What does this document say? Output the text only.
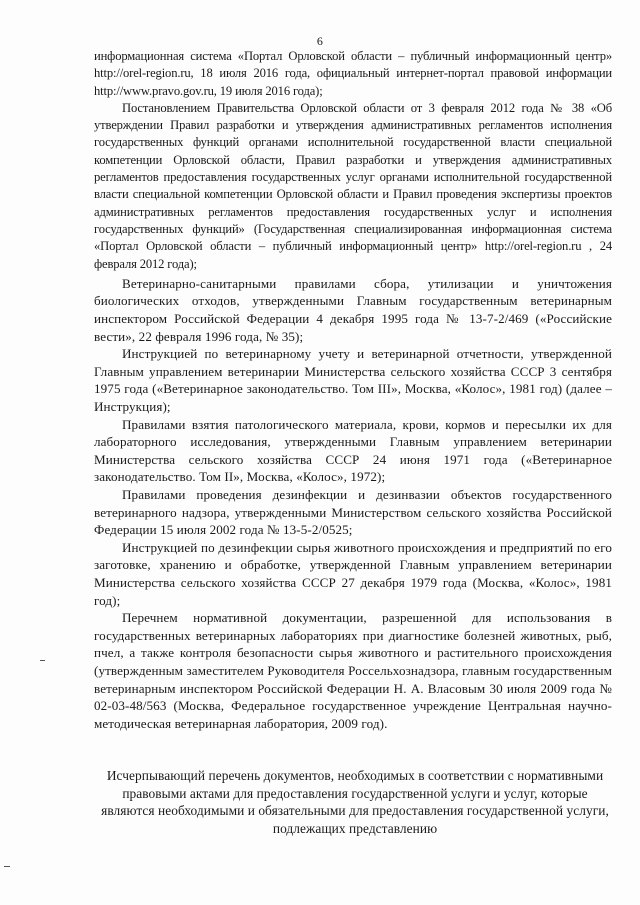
6

информационная система «Портал Орловской области – публичный информационный центр» http://orel-region.ru, 18 июля 2016 года, официальный интернет-портал правовой информации http://www.pravo.gov.ru, 19 июля 2016 года);

Постановлением Правительства Орловской области от 3 февраля 2012 года № 38 «Об утверждении Правил разработки и утверждения административных регламентов исполнения государственных функций органами исполнительной государственной власти специальной компетенции Орловской области, Правил разработки и утверждения административных регламентов предоставления государственных услуг органами исполнительной государственной власти специальной компетенции Орловской области и Правил проведения экспертизы проектов административных регламентов предоставления государственных услуг и исполнения государственных функций» (Государственная специализированная информационная система «Портал Орловской области – публичный информационный центр» http://orel-region.ru , 24 февраля 2012 года);

Ветеринарно-санитарными правилами сбора, утилизации и уничтожения биологических отходов, утвержденными Главным государственным ветеринарным инспектором Российской Федерации 4 декабря 1995 года № 13-7-2/469 («Российские вести», 22 февраля 1996 года, № 35);

Инструкцией по ветеринарному учету и ветеринарной отчетности, утвержденной Главным управлением ветеринарии Министерства сельского хозяйства СССР 3 сентября 1975 года («Ветеринарное законодательство. Том III», Москва, «Колос», 1981 год) (далее – Инструкция);

Правилами взятия патологического материала, крови, кормов и пересылки их для лабораторного исследования, утвержденными Главным управлением ветеринарии Министерства сельского хозяйства СССР 24 июня 1971 года («Ветеринарное законодательство. Том II», Москва, «Колос», 1972);

Правилами проведения дезинфекции и дезинвазии объектов государственного ветеринарного надзора, утвержденными Министерством сельского хозяйства Российской Федерации 15 июля 2002 года № 13-5-2/0525;

Инструкцией по дезинфекции сырья животного происхождения и предприятий по его заготовке, хранению и обработке, утвержденной Главным управлением ветеринарии Министерства сельского хозяйства СССР 27 декабря 1979 года (Москва, «Колос», 1981 год);

Перечнем нормативной документации, разрешенной для использования в государственных ветеринарных лабораториях при диагностике болезней животных, рыб, пчел, а также контроля безопасности сырья животного и растительного происхождения (утвержденным заместителем Руководителя Россельхознадзора, главным государственным ветеринарным инспектором Российской Федерации Н. А. Власовым 30 июля 2009 года № 02-03-48/563 (Москва, Федеральное государственное учреждение Центральная научно-методическая ветеринарная лаборатория, 2009 год).

Исчерпывающий перечень документов, необходимых в соответствии с нормативными правовыми актами для предоставления государственной услуги и услуг, которые являются необходимыми и обязательными для предоставления государственной услуги, подлежащих представлению
